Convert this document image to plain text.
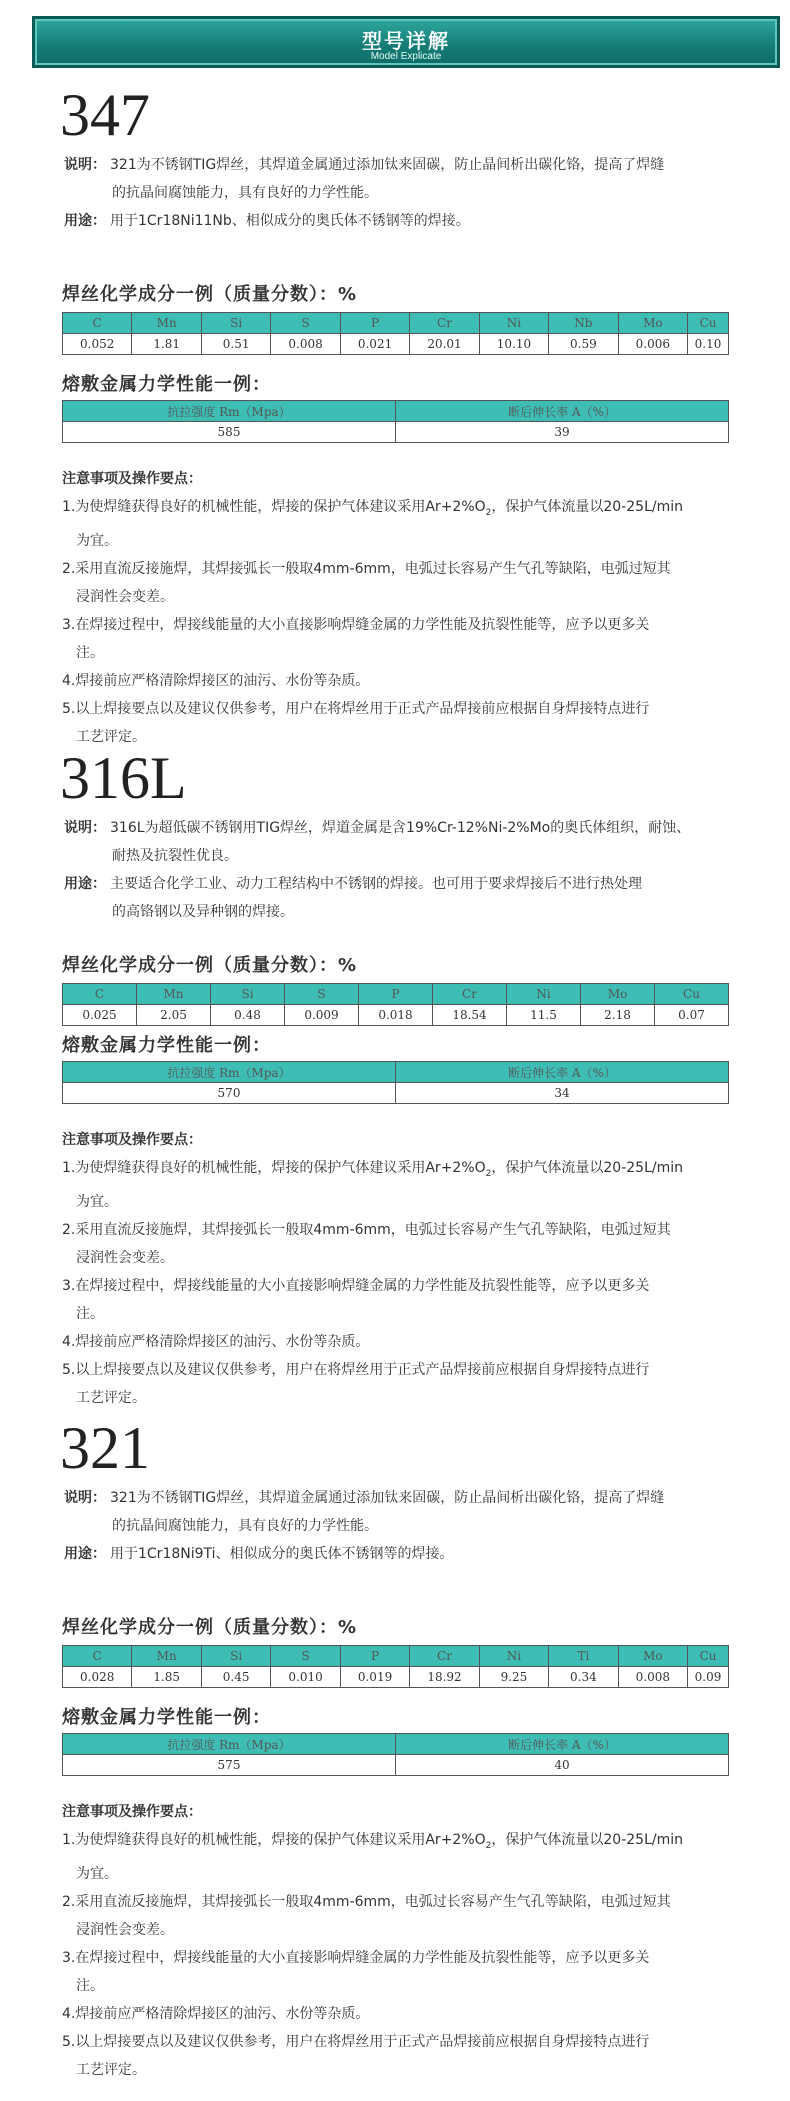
型号详解
Model Explicate
347
说明： 321为不锈钢TIG焊丝，其焊道金属通过添加钛来固碳，防止晶间析出碳化铬，提高了焊缝
的抗晶间腐蚀能力，具有良好的力学性能。
用途： 用于1Cr18Ni11Nb、相似成分的奥氏体不锈钢等的焊接。
焊丝化学成分一例（质量分数）：%
C	Mn	Si	S	P	Cr	Ni	Nb	Mo	Cu
0.052	1.81	0.51	0.008	0.021	20.01	10.10	0.59	0.006	0.10
熔敷金属力学性能一例：
抗拉强度 Rm（Mpa）	断后伸长率 A（%）
585	39
注意事项及操作要点：
1.为使焊缝获得良好的机械性能，焊接的保护气体建议采用$Ar+2\%O_2$，保护气体流量以20-25L/min
为宜。
2.采用直流反接施焊，其焊接弧长一般取4mm-6mm，电弧过长容易产生气孔等缺陷，电弧过短其
浸润性会变差。
3.在焊接过程中，焊接线能量的大小直接影响焊缝金属的力学性能及抗裂性能等，应予以更多关
注。
4.焊接前应严格清除焊接区的油污、水份等杂质。
5.以上焊接要点以及建议仅供参考，用户在将焊丝用于正式产品焊接前应根据自身焊接特点进行
工艺评定。
316L
说明： 316L为超低碳不锈钢用TIG焊丝，焊道金属是含19%Cr-12%Ni-2%Mo的奥氏体组织，耐蚀、
耐热及抗裂性优良。
用途： 主要适合化学工业、动力工程结构中不锈钢的焊接。也可用于要求焊接后不进行热处理
的高铬钢以及异种钢的焊接。
焊丝化学成分一例（质量分数）：%
C	Mn	Si	S	P	Cr	Ni	Mo	Cu
0.025	2.05	0.48	0.009	0.018	18.54	11.5	2.18	0.07
熔敷金属力学性能一例：
抗拉强度 Rm（Mpa）	断后伸长率 A（%）
570	34
注意事项及操作要点：
1.为使焊缝获得良好的机械性能，焊接的保护气体建议采用$Ar+2\%O_2$，保护气体流量以20-25L/min
为宜。
2.采用直流反接施焊，其焊接弧长一般取4mm-6mm，电弧过长容易产生气孔等缺陷，电弧过短其
浸润性会变差。
3.在焊接过程中，焊接线能量的大小直接影响焊缝金属的力学性能及抗裂性能等，应予以更多关
注。
4.焊接前应严格清除焊接区的油污、水份等杂质。
5.以上焊接要点以及建议仅供参考，用户在将焊丝用于正式产品焊接前应根据自身焊接特点进行
工艺评定。
321
说明： 321为不锈钢TIG焊丝，其焊道金属通过添加钛来固碳，防止晶间析出碳化铬，提高了焊缝
的抗晶间腐蚀能力，具有良好的力学性能。
用途： 用于1Cr18Ni9Ti、相似成分的奥氏体不锈钢等的焊接。
焊丝化学成分一例（质量分数）：%
C	Mn	Si	S	P	Cr	Ni	Ti	Mo	Cu
0.028	1.85	0.45	0.010	0.019	18.92	9.25	0.34	0.008	0.09
熔敷金属力学性能一例：
抗拉强度 Rm（Mpa）	断后伸长率 A（%）
575	40
注意事项及操作要点：
1.为使焊缝获得良好的机械性能，焊接的保护气体建议采用$Ar+2\%O_2$，保护气体流量以20-25L/min
为宜。
2.采用直流反接施焊，其焊接弧长一般取4mm-6mm，电弧过长容易产生气孔等缺陷，电弧过短其
浸润性会变差。
3.在焊接过程中，焊接线能量的大小直接影响焊缝金属的力学性能及抗裂性能等，应予以更多关
注。
4.焊接前应严格清除焊接区的油污、水份等杂质。
5.以上焊接要点以及建议仅供参考，用户在将焊丝用于正式产品焊接前应根据自身焊接特点进行
工艺评定。
